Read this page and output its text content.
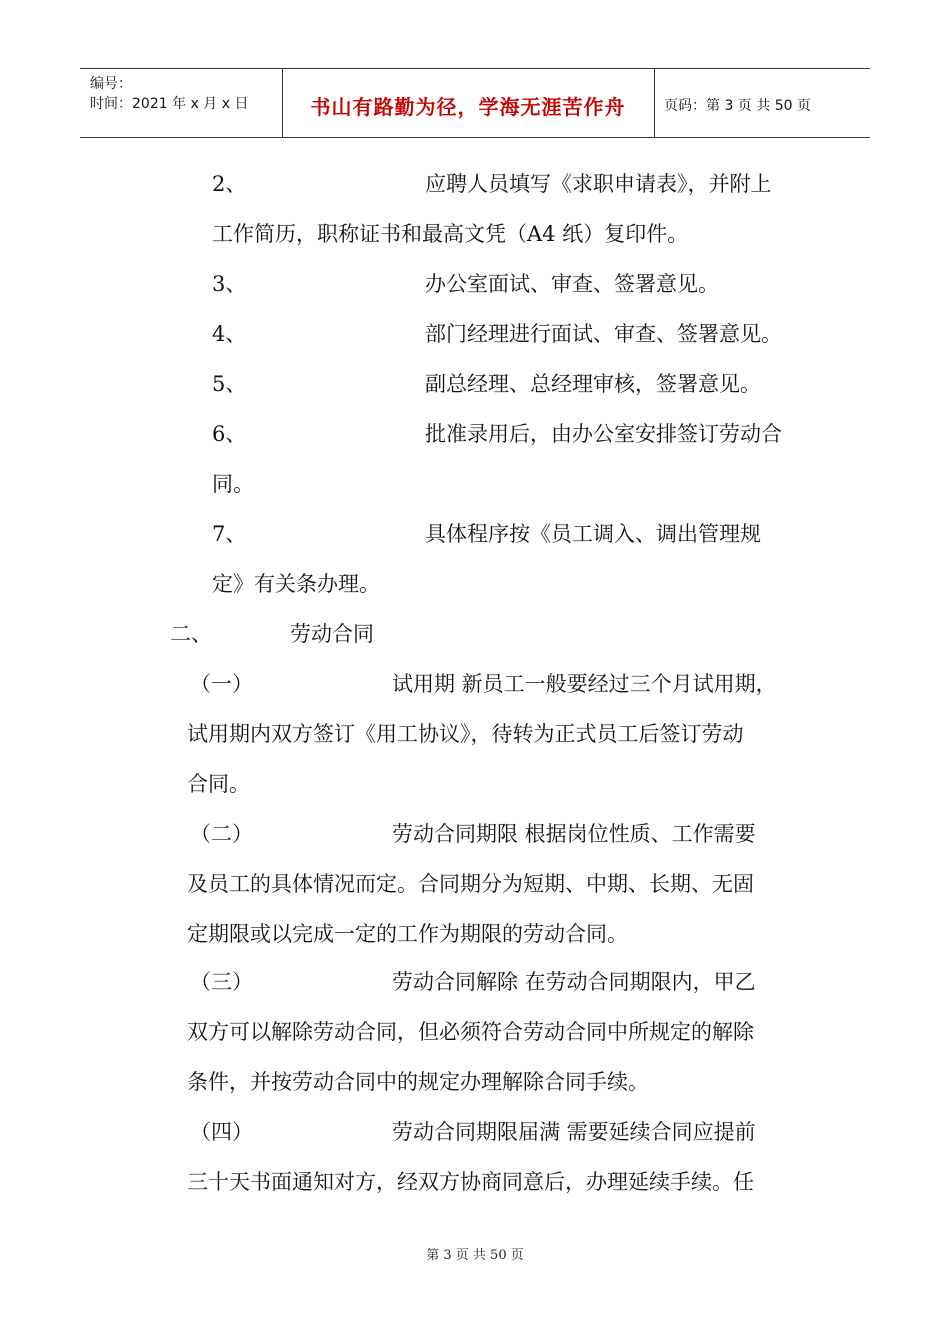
编号：
时间：2021 年 x 月 x 日	书山有路勤为径，学海无涯苦作舟	页码：第 3 页 共 50 页
2、	应聘人员填写《求职申请表》，并附上
工作简历，职称证书和最高文凭（A4 纸）复印件。
3、	办公室面试、审查、签署意见。
4、	部门经理进行面试、审查、签署意见。
5、	副总经理、总经理审核，签署意见。
6、	批准录用后，由办公室安排签订劳动合
同。
7、	具体程序按《员工调入、调出管理规
定》有关条办理。
二、	劳动合同
（一）	试用期 新员工一般要经过三个月试用期，
试用期内双方签订《用工协议》，待转为正式员工后签订劳动
合同。
（二）	劳动合同期限 根据岗位性质、工作需要
及员工的具体情况而定。合同期分为短期、中期、长期、无固
定期限或以完成一定的工作为期限的劳动合同。
（三）	劳动合同解除 在劳动合同期限内，甲乙
双方可以解除劳动合同，但必须符合劳动合同中所规定的解除
条件，并按劳动合同中的规定办理解除合同手续。
（四）	劳动合同期限届满 需要延续合同应提前
三十天书面通知对方，经双方协商同意后，办理延续手续。任
第 3 页 共 50 页
